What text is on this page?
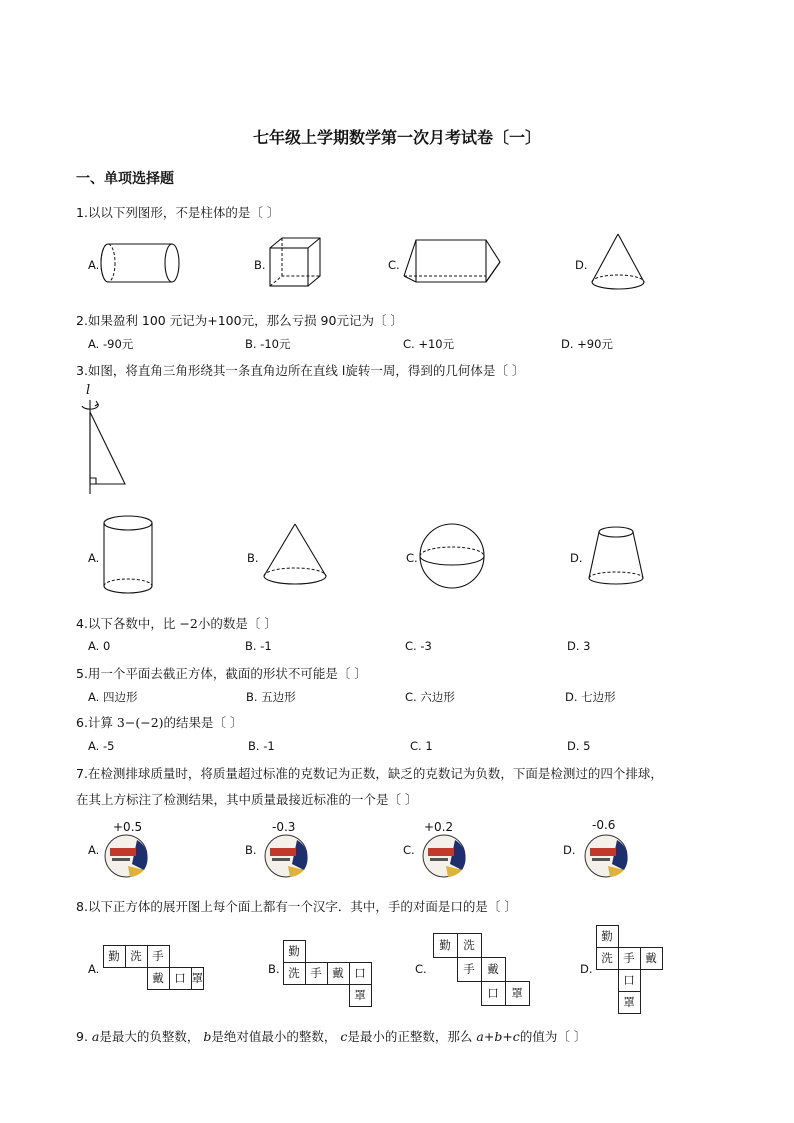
七年级上学期数学第一次月考试卷〔一〕
一、单项选择题
1.以以下列图形，不是柱体的是〔 〕
A.	B.	C.	D.
2.如果盈利 100 元记为+100元，那么亏损 90元记为〔 〕
A. -90元	B. -10元	C. +10元	D. +90元
3.如图，将直角三角形绕其一条直角边所在直线 l旋转一周，得到的几何体是〔 〕
l
A.	B.	C.	D.
4.以下各数中，比 −2小的数是〔 〕
A. 0	B. -1	C. -3	D. 3
5.用一个平面去截正方体，截面的形状不可能是〔 〕
A. 四边形	B. 五边形	C. 六边形	D. 七边形
6.计算 3−(−2)的结果是〔 〕
A. -5	B. -1	C. 1	D. 5
7.在检测排球质量时，将质量超过标准的克数记为正数，缺乏的克数记为负数，下面是检测过的四个排球，
在其上方标注了检测结果，其中质量最接近标准的一个是〔 〕
A.
+0.5
B.
-0.3
C.
+0.2
D.
-0.6
8.以下正方体的展开图上每个面上都有一个汉字．其中，手的对面是口的是〔 〕
A.
勤 洗 手
戴 口 罩
B.
勤
洗 手 戴 口
罩
C.
勤	洗
手	戴
口	罩
D.
勤
洗 手 戴
口
罩
9. a是最大的负整数， b是绝对值最小的整数， c是最小的正整数，那么 a+b+c的值为〔 〕
